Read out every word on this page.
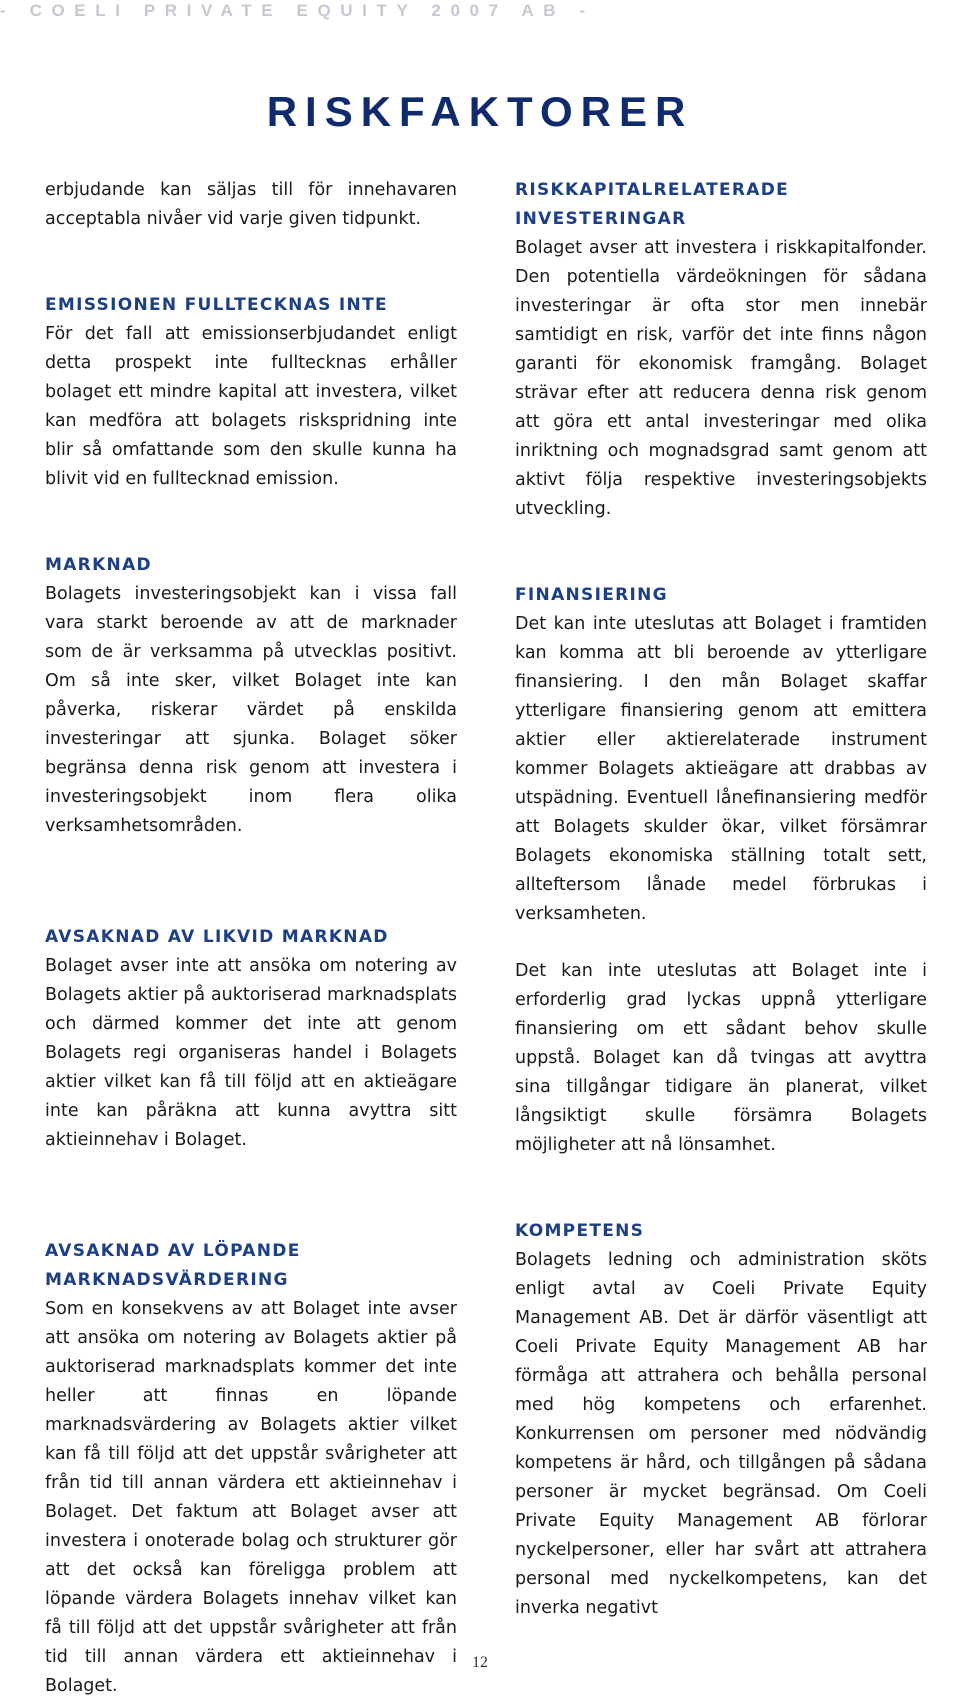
- COELI PRIVATE EQUITY 2007 AB -
RISKFAKTORER

erbjudande kan säljas till för innehavaren acceptabla nivåer vid varje given tidpunkt.

EMISSIONEN FULLTECKNAS INTE

För det fall att emissionserbjudandet enligt detta prospekt inte fulltecknas erhåller bolaget ett mindre kapital att investera, vilket kan medföra att bolagets riskspridning inte blir så omfattande som den skulle kunna ha blivit vid en fulltecknad emission.

MARKNAD

Bolagets investeringsobjekt kan i vissa fall vara starkt beroende av att de marknader som de är verksamma på utvecklas positivt. Om så inte sker, vilket Bolaget inte kan påverka, riskerar värdet på enskilda investeringar att sjunka. Bolaget söker begränsa denna risk genom att investera i investeringsobjekt inom flera olika verksamhetsområden.

AVSAKNAD AV LIKVID MARKNAD

Bolaget avser inte att ansöka om notering av Bolagets aktier på auktoriserad marknadsplats och därmed kommer det inte att genom Bolagets regi organiseras handel i Bolagets aktier vilket kan få till följd att en aktieägare inte kan påräkna att kunna avyttra sitt aktieinnehav i Bolaget.

AVSAKNAD AV LÖPANDE MARKNADSVÄRDERING

Som en konsekvens av att Bolaget inte avser att ansöka om notering av Bolagets aktier på auktoriserad marknadsplats kommer det inte heller att finnas en löpande marknadsvärdering av Bolagets aktier vilket kan få till följd att det uppstår svårigheter att från tid till annan värdera ett aktieinnehav i Bolaget. Det faktum att Bolaget avser att investera i onoterade bolag och strukturer gör att det också kan föreligga problem att löpande värdera Bolagets innehav vilket kan få till följd att det uppstår svårigheter att från tid till annan värdera ett aktieinnehav i Bolaget.

RISKKAPITALRELATERADE INVESTERINGAR

Bolaget avser att investera i riskkapitalfonder. Den potentiella värdeökningen för sådana investeringar är ofta stor men innebär samtidigt en risk, varför det inte finns någon garanti för ekonomisk framgång. Bolaget strävar efter att reducera denna risk genom att göra ett antal investeringar med olika inriktning och mognadsgrad samt genom att aktivt följa respektive investeringsobjekts utveckling.

FINANSIERING

Det kan inte uteslutas att Bolaget i framtiden kan komma att bli beroende av ytterligare finansiering. I den mån Bolaget skaffar ytterligare finansiering genom att emittera aktier eller aktierelaterade instrument kommer Bolagets aktieägare att drabbas av utspädning. Eventuell lånefinansiering medför att Bolagets skulder ökar, vilket försämrar Bolagets ekonomiska ställning totalt sett, allteftersom lånade medel förbrukas i verksamheten.

Det kan inte uteslutas att Bolaget inte i erforderlig grad lyckas uppnå ytterligare finansiering om ett sådant behov skulle uppstå. Bolaget kan då tvingas att avyttra sina tillgångar tidigare än planerat, vilket långsiktigt skulle försämra Bolagets möjligheter att nå lönsamhet.

KOMPETENS

Bolagets ledning och administration sköts enligt avtal av Coeli Private Equity Management AB. Det är därför väsentligt att Coeli Private Equity Management AB har förmåga att attrahera och behålla personal med hög kompetens och erfarenhet. Konkurrensen om personer med nödvändig kompetens är hård, och tillgången på sådana personer är mycket begränsad. Om Coeli Private Equity Management AB förlorar nyckelpersoner, eller har svårt att attrahera personal med nyckelkompetens, kan det inverka negativt

12
